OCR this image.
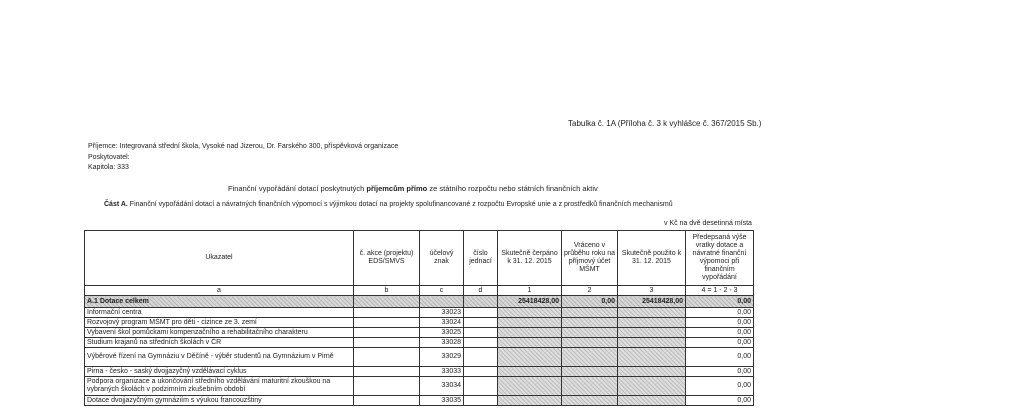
Tabulka č. 1A (Příloha č. 3 k vyhlášce č. 367/2015 Sb.)
Příjemce: Integrovaná střední škola, Vysoké nad Jizerou, Dr. Farského 300, příspěvková organizace
Poskytovatel:
Kapitola: 333
Finanční vypořádání dotací poskytnutých příjemcům přímo ze státního rozpočtu nebo státních finančních aktiv
Část A. Finanční vypořádání dotací a návratných finančních výpomocí s výjimkou dotací na projekty spolufinancované z rozpočtu Evropské unie a z prostředků finančních mechanismů
v Kč na dvě desetinná místa
Ukazatel	č. akce (projektu) EDS/SMVS	účelový znak	číslo jednací	Skutečně čerpáno k 31. 12. 2015	Vráceno v průběhu roku na příjmový účet MŠMT	Skutečně použito k 31. 12. 2015	Předepsaná výše vratky dotace a návratné finanční výpomoci při finančním vypořádání
a	b	c	d	1	2	3	4 = 1 - 2 - 3
A.1 Dotace celkem				25418428,00	0,00	25418428,00	0,00
Informační centra		33023					0,00
Rozvojový program MŠMT pro děti - cizince ze 3. zemí		33024					0,00
Vybavení škol pomůckami kompenzačního a rehabilitačního charakteru		33025					0,00
Studium krajanů na středních školách v ČR		33028					0,00
Výběrové řízení na Gymnáziu v Děčíně - výběr studentů na Gymnázium v Pirně		33029					0,00
Pirna - česko - saský dvojjazyčný vzdělávací cyklus		33033					0,00
Podpora organizace a ukončování středního vzdělávání maturitní zkouškou na vybraných školách v podzimním zkušebním období		33034					0,00
Dotace dvojjazyčným gymnáziím s výukou francouzštiny		33035					0,00
